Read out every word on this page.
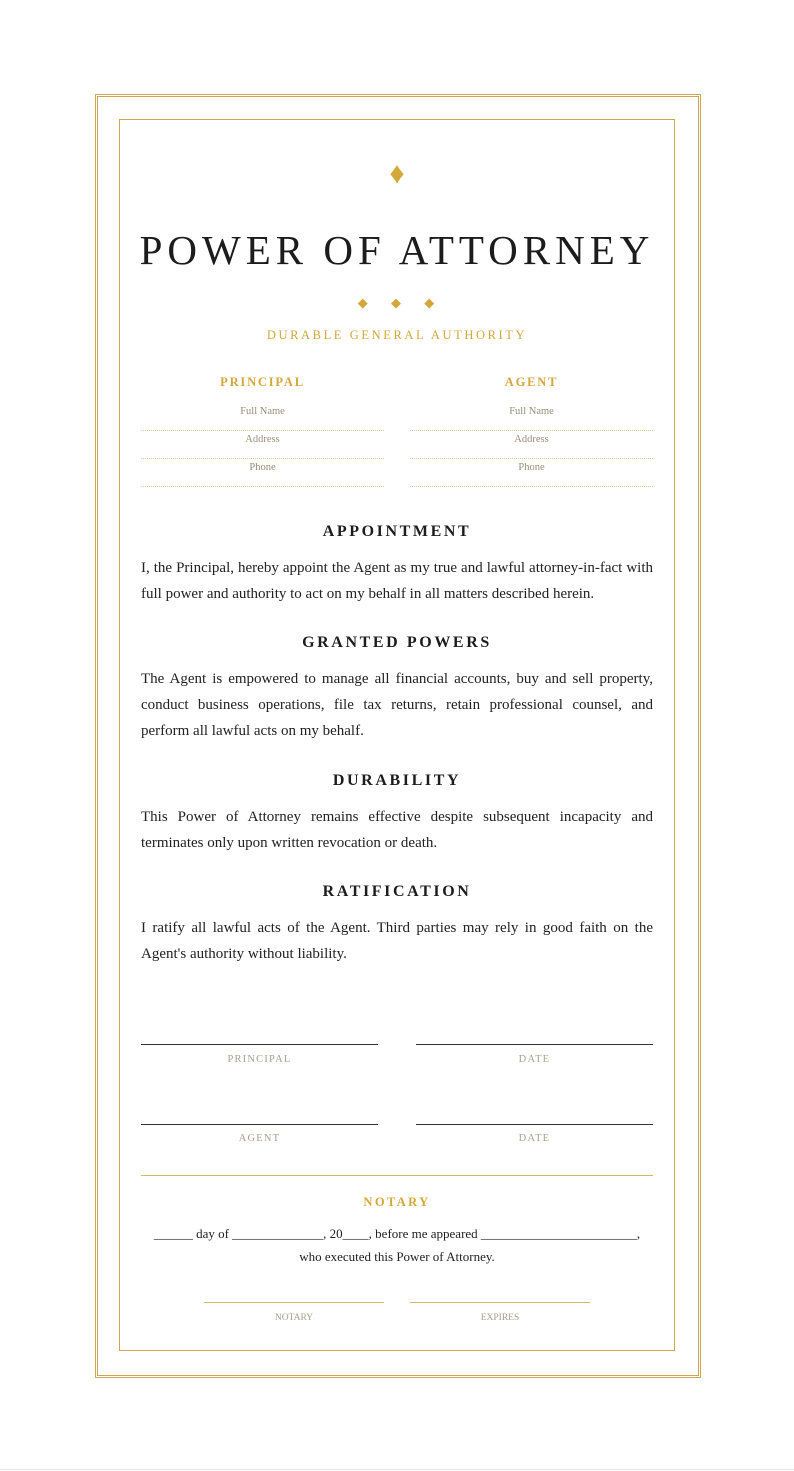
♦
POWER OF ATTORNEY
◆ ◆ ◆
DURABLE GENERAL AUTHORITY
PRINCIPAL
Full Name
Address
Phone
AGENT
Full Name
Address
Phone
APPOINTMENT
I, the Principal, hereby appoint the Agent as my true and lawful attorney-in-fact with full power and authority to act on my behalf in all matters described herein.
GRANTED POWERS
The Agent is empowered to manage all financial accounts, buy and sell property, conduct business operations, file tax returns, retain professional counsel, and perform all lawful acts on my behalf.
DURABILITY
This Power of Attorney remains effective despite subsequent incapacity and terminates only upon written revocation or death.
RATIFICATION
I ratify all lawful acts of the Agent. Third parties may rely in good faith on the Agent's authority without liability.
PRINCIPAL	DATE
AGENT	DATE
NOTARY
______ day of ______________, 20____, before me appeared ________________________,
who executed this Power of Attorney.
NOTARY	EXPIRES
